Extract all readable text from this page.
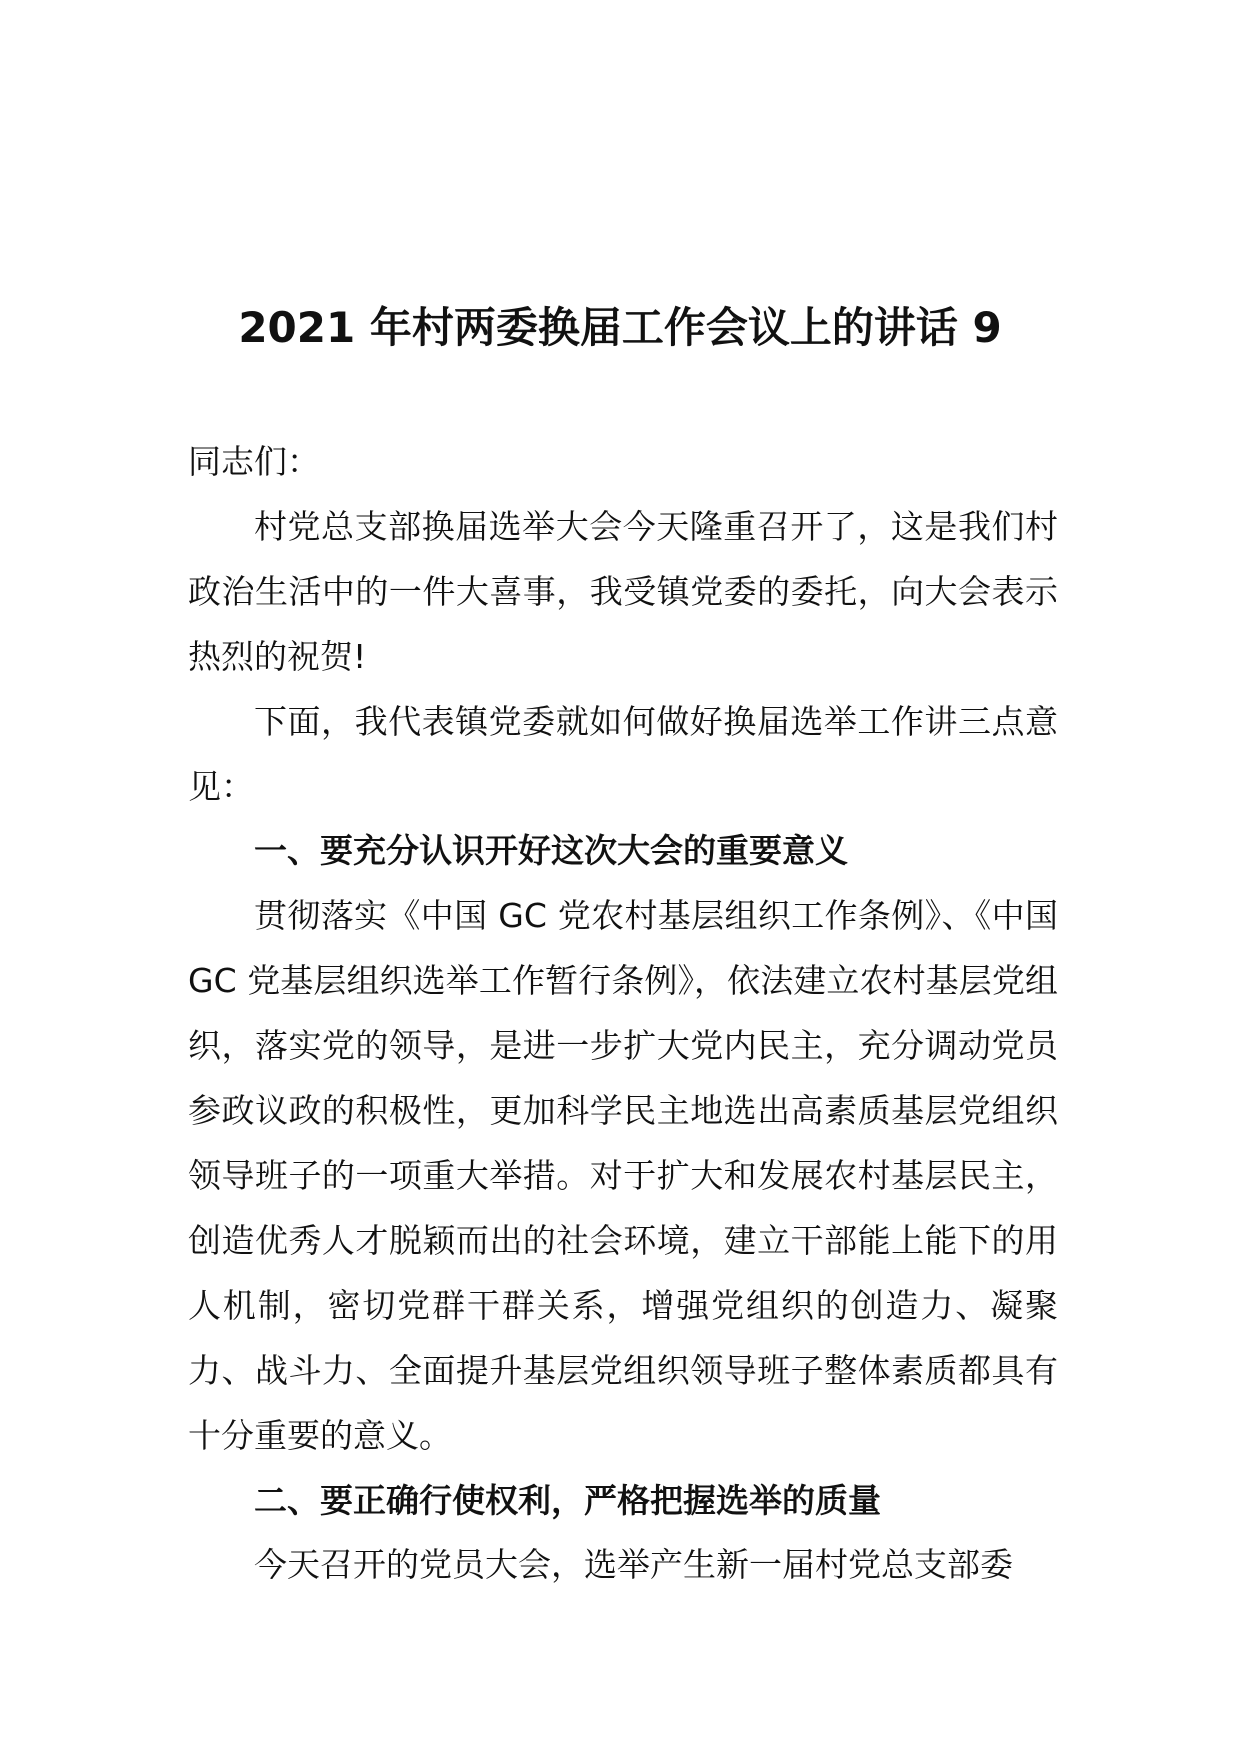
2021 年村两委换届工作会议上的讲话 9

同志们：

村党总支部换届选举大会今天隆重召开了，这是我们村政治生活中的一件大喜事，我受镇党委的委托，向大会表示热烈的祝贺!

下面，我代表镇党委就如何做好换届选举工作讲三点意见：

一、要充分认识开好这次大会的重要意义

贯彻落实《中国 GC 党农村基层组织工作条例》、《中国 GC 党基层组织选举工作暂行条例》，依法建立农村基层党组织，落实党的领导，是进一步扩大党内民主，充分调动党员参政议政的积极性，更加科学民主地选出高素质基层党组织领导班子的一项重大举措。对于扩大和发展农村基层民主，创造优秀人才脱颖而出的社会环境，建立干部能上能下的用人机制，密切党群干群关系，增强党组织的创造力、凝聚力、战斗力、全面提升基层党组织领导班子整体素质都具有十分重要的意义。

二、要正确行使权利，严格把握选举的质量

今天召开的党员大会，选举产生新一届村党总支部委
